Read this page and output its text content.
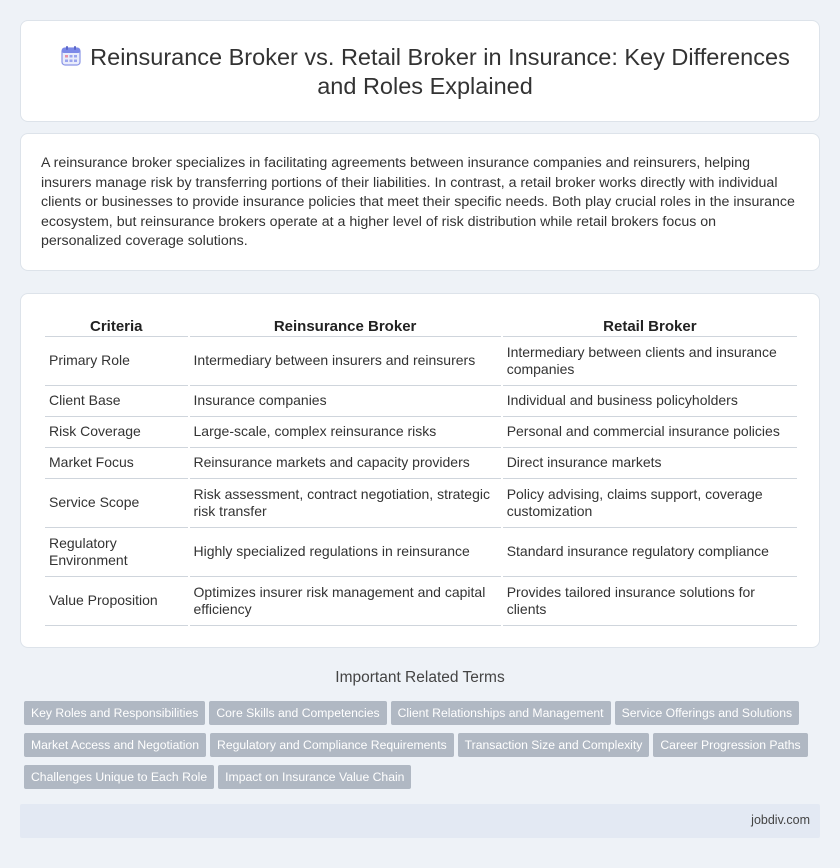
Reinsurance Broker vs. Retail Broker in Insurance: Key Differences and Roles Explained

A reinsurance broker specializes in facilitating agreements between insurance companies and reinsurers, helping insurers manage risk by transferring portions of their liabilities. In contrast, a retail broker works directly with individual clients or businesses to provide insurance policies that meet their specific needs. Both play crucial roles in the insurance ecosystem, but reinsurance brokers operate at a higher level of risk distribution while retail brokers focus on personalized coverage solutions.

Criteria	Reinsurance Broker	Retail Broker
Primary Role	Intermediary between insurers and reinsurers	Intermediary between clients and insurance companies
Client Base	Insurance companies	Individual and business policyholders
Risk Coverage	Large-scale, complex reinsurance risks	Personal and commercial insurance policies
Market Focus	Reinsurance markets and capacity providers	Direct insurance markets
Service Scope	Risk assessment, contract negotiation, strategic risk transfer	Policy advising, claims support, coverage customization
Regulatory Environment	Highly specialized regulations in reinsurance	Standard insurance regulatory compliance
Value Proposition	Optimizes insurer risk management and capital efficiency	Provides tailored insurance solutions for clients
Important Related Terms
Key Roles and Responsibilities Core Skills and Competencies Client Relationships and Management Service Offerings and Solutions
Market Access and Negotiation Regulatory and Compliance Requirements Transaction Size and Complexity Career Progression Paths
Challenges Unique to Each Role Impact on Insurance Value Chain
jobdiv.com
